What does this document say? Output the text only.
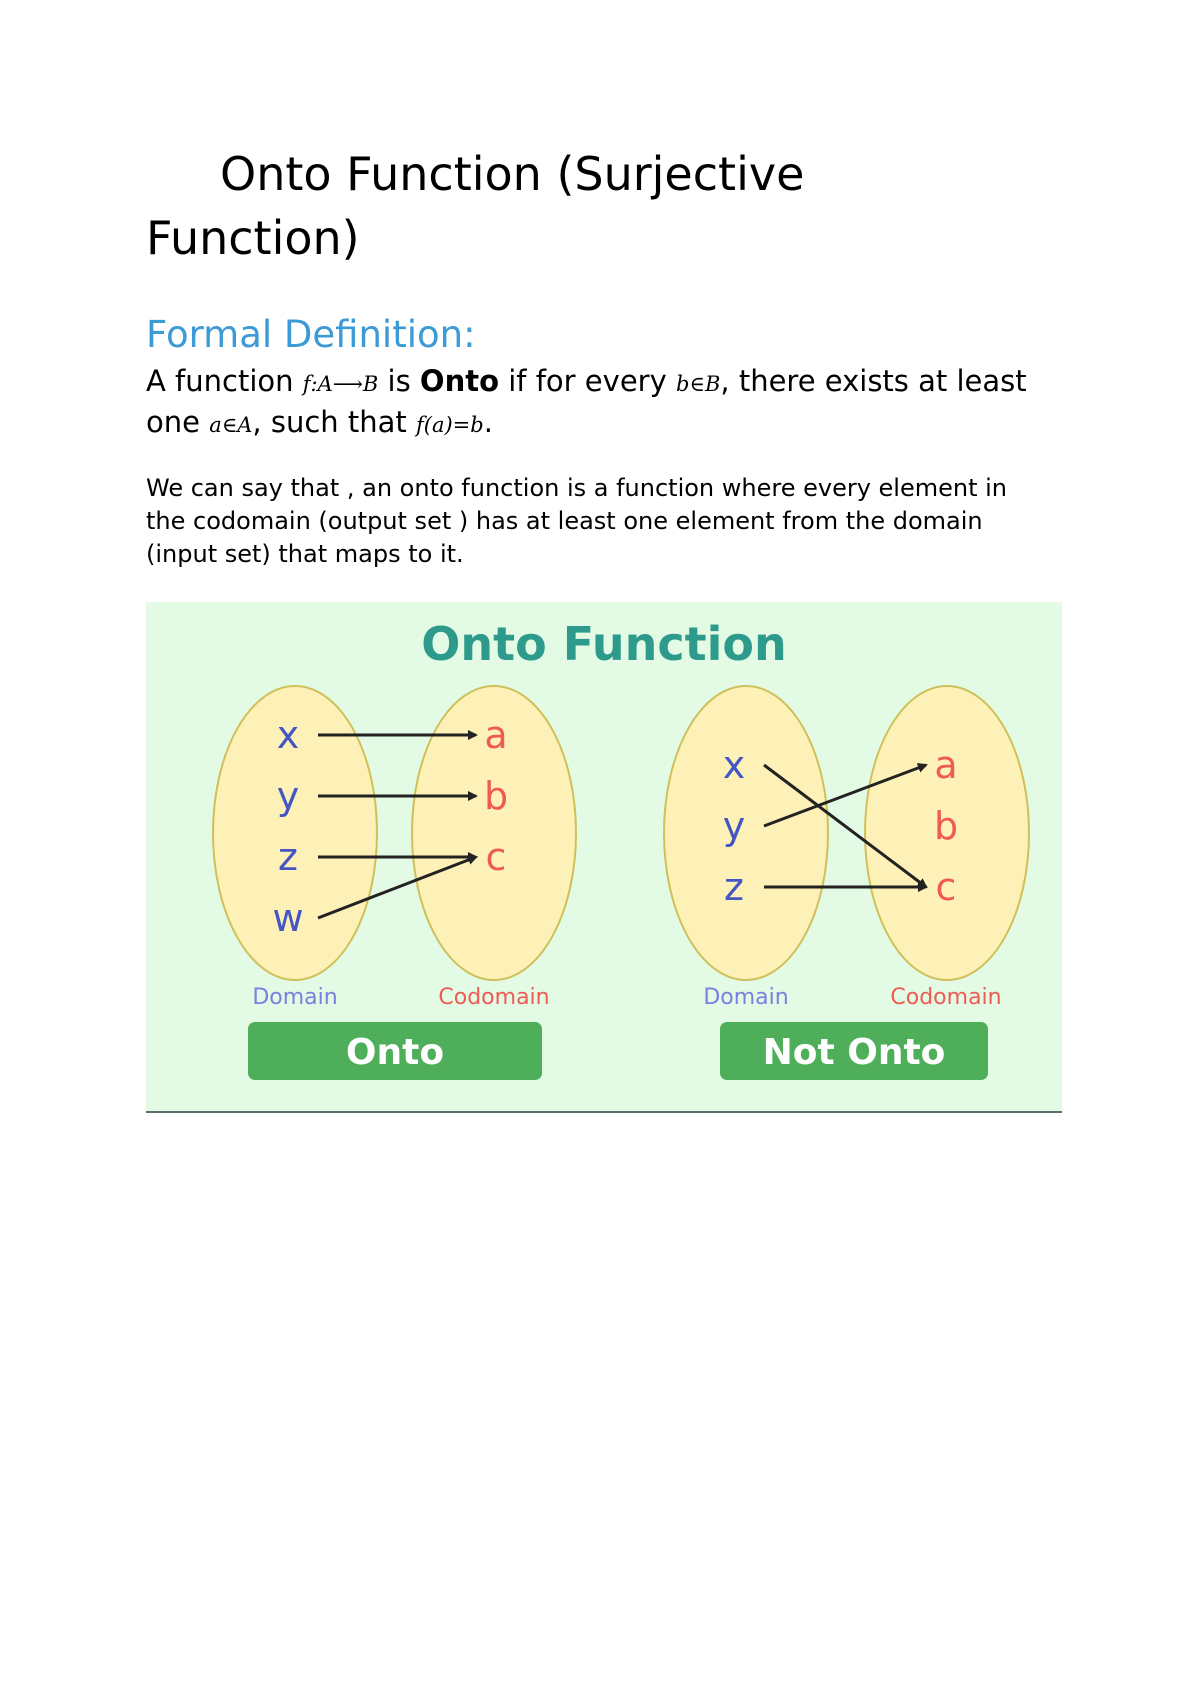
Onto Function (Surjective
Function)
Formal Definition:

A function f:A⟶B is Onto if for every b∈B, there exists at least one a∈A, such that f(a)=b.

We can say that , an onto function is a function where every element in the codomain (output set ) has at least one element from the domain (input set) that maps to it.

Onto Function
x
y
z
w
a
b
c
Domain	Codomain
Onto
x
y
z
a
b
c
Domain	Codomain
Not Onto
